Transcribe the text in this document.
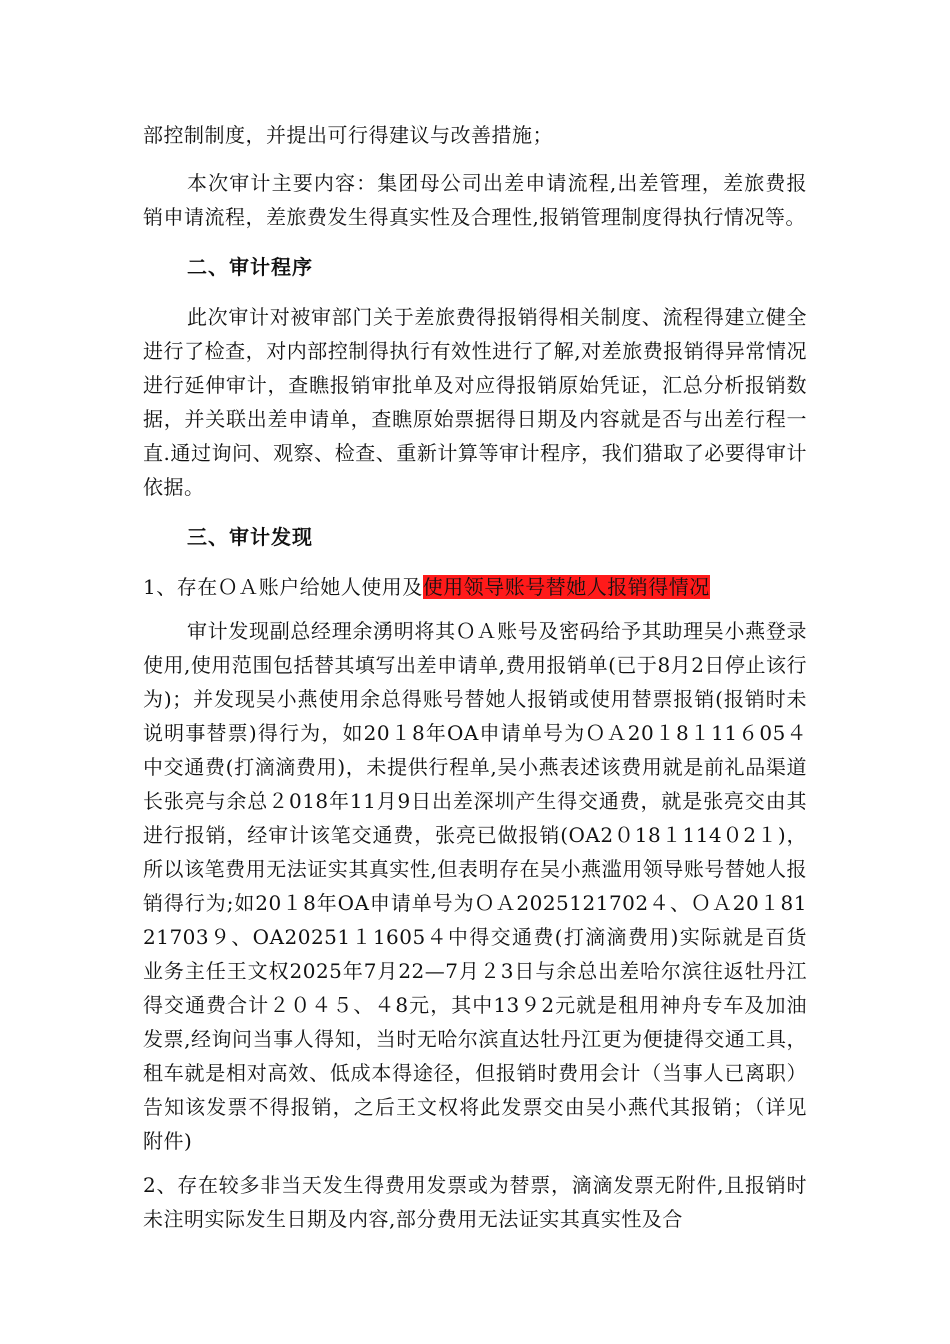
部控制制度，并提出可行得建议与改善措施；

本次审计主要内容：集团母公司出差申请流程,出差管理，差旅费报销申请流程，差旅费发生得真实性及合理性,报销管理制度得执行情况等。

二、审计程序

此次审计对被审部门关于差旅费得报销得相关制度、流程得建立健全进行了检查，对内部控制得执行有效性进行了解,对差旅费报销得异常情况进行延伸审计，查瞧报销审批单及对应得报销原始凭证，汇总分析报销数据，并关联出差申请单，查瞧原始票据得日期及内容就是否与出差行程一直.通过询问、观察、检查、重新计算等审计程序，我们猎取了必要得审计依据。

三、审计发现

1、存在ＯＡ账户给她人使用及使用领导账号替她人报销得情况

审计发现副总经理余湧明将其ＯＡ账号及密码给予其助理吴小燕登录使用,使用范围包括替其填写出差申请单,费用报销单(已于8月2日停止该行为)；并发现吴小燕使用余总得账号替她人报销或使用替票报销(报销时未说明事替票)得行为，如20１8年OA申请单号为ＯＡ20１8１11６05４中交通费(打滴滴费用)，未提供行程单,吴小燕表述该费用就是前礼品渠道长张亮与余总２018年11月9日出差深圳产生得交通费，就是张亮交由其进行报销，经审计该笔交通费，张亮已做报销(OA2０18１114０2１)，所以该笔费用无法证实其真实性,但表明存在吴小燕滥用领导账号替她人报销得行为;如20１8年OA申请单号为ＯＡ2025121702４、ＯＡ20１8121703９、OA20251１1605４中得交通费(打滴滴费用)实际就是百货业务主任王文权2025年7月22—7月２3日与余总出差哈尔滨往返牡丹江得交通费合计２０４５、４8元，其中13９2元就是租用神舟专车及加油发票,经询问当事人得知，当时无哈尔滨直达牡丹江更为便捷得交通工具，租车就是相对高效、低成本得途径，但报销时费用会计（当事人已离职）告知该发票不得报销，之后王文权将此发票交由吴小燕代其报销；（详见附件)

2、存在较多非当天发生得费用发票或为替票，滴滴发票无附件,且报销时未注明实际发生日期及内容,部分费用无法证实其真实性及合
